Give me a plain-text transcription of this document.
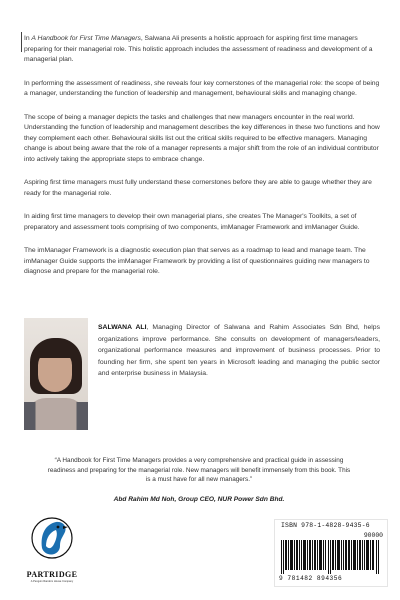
In A Handbook for First Time Managers, Salwana Ali presents a holistic approach for aspiring first time managers preparing for their managerial role. This holistic approach includes the assessment of readiness and development of a managerial plan.

In performing the assessment of readiness, she reveals four key cornerstones of the managerial role: the scope of being a manager, understanding the function of leadership and management, behavioural skills and managing change.

The scope of being a manager depicts the tasks and challenges that new managers encounter in the real world. Understanding the function of leadership and management describes the key differences in these two functions and how they complement each other. Behavioural skills list out the critical skills required to be effective managers. Managing change is about being aware that the role of a manager represents a major shift from the role of an individual contributor into actively taking the appropriate steps to embrace change.

Aspiring first time managers must fully understand these cornerstones before they are able to gauge whether they are ready for the managerial role.

In aiding first time managers to develop their own managerial plans, she creates The Manager's Toolkits, a set of preparatory and assessment tools comprising of two components, imManager Framework and imManager Guide.

The imManager Framework is a diagnostic execution plan that serves as a roadmap to lead and manage team. The imManager Guide supports the imManager Framework by providing a list of questionnaires guiding new managers to diagnose and prepare for the managerial role.

SALWANA ALI, Managing Director of Salwana and Rahim Associates Sdn Bhd, helps organizations improve performance. She consults on development of managers/leaders, organizational performance measures and improvement of business processes. Prior to founding her firm, she spent ten years in Microsoft leading and managing the public sector and enterprise business in Malaysia.
“A Handbook for First Time Managers provides a very comprehensive and practical guide in assessing readiness and preparing for the managerial role. New managers will benefit immensely from this book. This is a must have for all new managers.”
Abd Rahim Md Noh, Group CEO, NUR Power Sdn Bhd.
PARTRIDGE
A Penguin Random House Company
ISBN 978-1-4828-9435-6
90000
9 781482 894356
